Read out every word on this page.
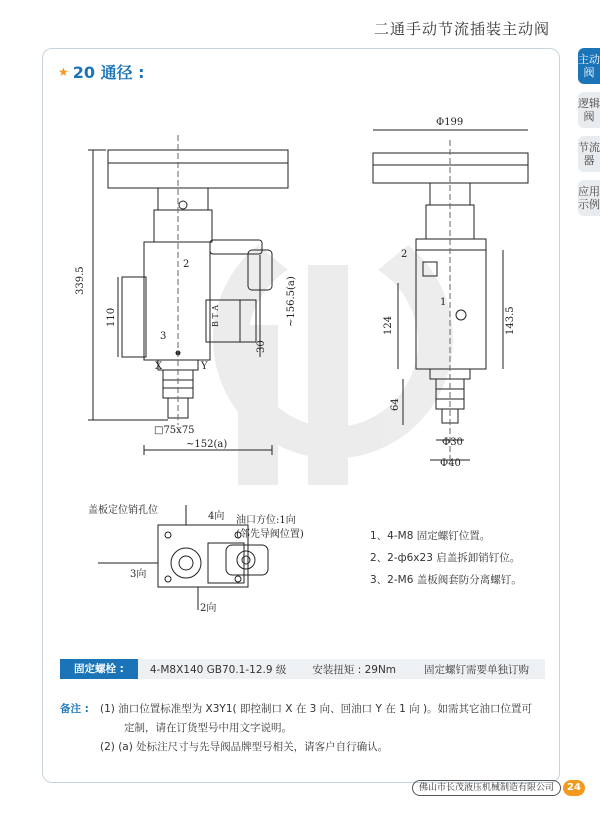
二通手动节流插装主动阀
★ 20 通径 :
主动阀
逻辑阀
节流器
应用示例
339.5
110	~156.5(a)
30
□75x75
~152(a)
2
3
X	Y
B T A
Φ199
124	143.5
64
Φ30
Φ40
2
1
盖板定位销孔位
4向 油口方位:1向
(邻先导阀位置)
3向
2向
1、4-M8 固定螺钉位置。
2、2-ф6x23 启盖拆卸销钉位。
3、2-M6 盖板阀套防分离螺钉。
固定螺栓 :	4-M8X140 GB70.1-12.9 级	安装扭矩 : 29Nm	固定螺钉需要单独订购
备注 : (1) 油口位置标准型为 X3Y1( 即控制口 X 在 3 向、回油口 Y 在 1 向 )。如需其它油口位置可
定制，请在订货型号中用文字说明。
(2) (a) 处标注尺寸与先导阀品牌型号相关，请客户自行确认。
佛山市长茂液压机械制造有限公司	24
